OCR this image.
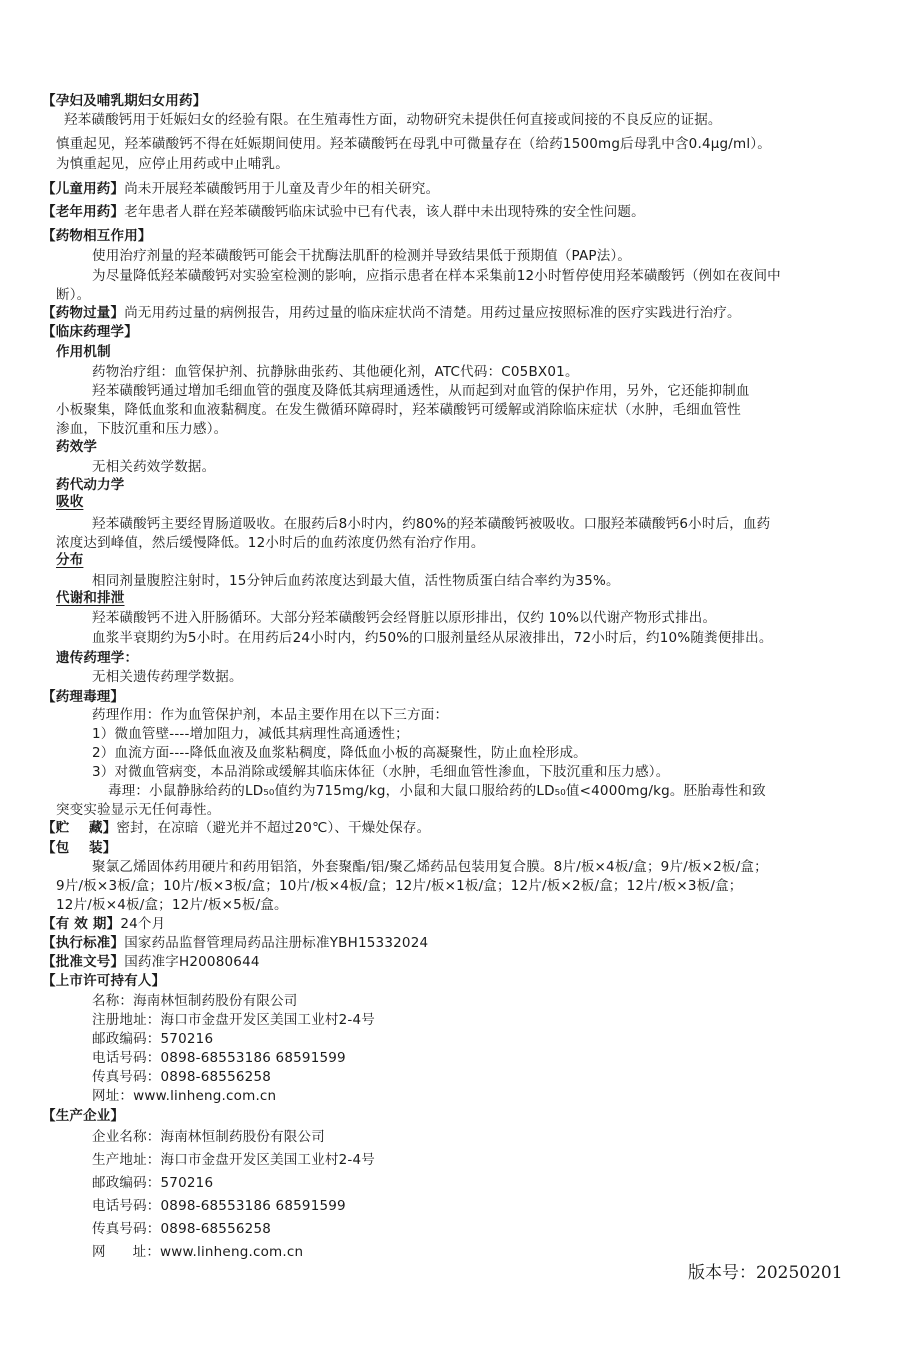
【孕妇及哺乳期妇女用药】
羟苯磺酸钙用于妊娠妇女的经验有限。在生殖毒性方面，动物研究未提供任何直接或间接的不良反应的证据。
慎重起见，羟苯磺酸钙不得在妊娠期间使用。羟苯磺酸钙在母乳中可微量存在（给药1500mg后母乳中含0.4μg/ml）。
为慎重起见，应停止用药或中止哺乳。
【儿童用药】尚未开展羟苯磺酸钙用于儿童及青少年的相关研究。
【老年用药】老年患者人群在羟苯磺酸钙临床试验中已有代表，该人群中未出现特殊的安全性问题。
【药物相互作用】
使用治疗剂量的羟苯磺酸钙可能会干扰酶法肌酐的检测并导致结果低于预期值（PAP法）。
为尽量降低羟苯磺酸钙对实验室检测的影响，应指示患者在样本采集前12小时暂停使用羟苯磺酸钙（例如在夜间中
断）。
【药物过量】尚无用药过量的病例报告，用药过量的临床症状尚不清楚。用药过量应按照标准的医疗实践进行治疗。
【临床药理学】
作用机制
药物治疗组：血管保护剂、抗静脉曲张药、其他硬化剂，ATC代码：C05BX01。
羟苯磺酸钙通过增加毛细血管的强度及降低其病理通透性，从而起到对血管的保护作用，另外，它还能抑制血
小板聚集，降低血浆和血液黏稠度。在发生微循环障碍时，羟苯磺酸钙可缓解或消除临床症状（水肿，毛细血管性
渗血，下肢沉重和压力感）。
药效学
无相关药效学数据。
药代动力学
吸收
羟苯磺酸钙主要经胃肠道吸收。在服药后8小时内，约80%的羟苯磺酸钙被吸收。口服羟苯磺酸钙6小时后，血药
浓度达到峰值，然后缓慢降低。12小时后的血药浓度仍然有治疗作用。
分布
相同剂量腹腔注射时，15分钟后血药浓度达到最大值，活性物质蛋白结合率约为35%。
代谢和排泄
羟苯磺酸钙不进入肝肠循环。大部分羟苯磺酸钙会经肾脏以原形排出，仅约 10%以代谢产物形式排出。
血浆半衰期约为5小时。在用药后24小时内，约50%的口服剂量经从尿液排出，72小时后，约10%随粪便排出。
遗传药理学：
无相关遗传药理学数据。
【药理毒理】
药理作用：作为血管保护剂，本品主要作用在以下三方面：
1）微血管壁----增加阻力，减低其病理性高通透性；
2）血流方面----降低血液及血浆粘稠度，降低血小板的高凝聚性，防止血栓形成。
3）对微血管病变，本品消除或缓解其临床体征（水肿，毛细血管性渗血，下肢沉重和压力感）。
毒理：小鼠静脉给药的LD₅₀值约为715mg/kg，小鼠和大鼠口服给药的LD₅₀值<4000mg/kg。胚胎毒性和致
突变实验显示无任何毒性。
【贮    藏】密封，在凉暗（避光并不超过20℃）、干燥处保存。
【包    装】
聚氯乙烯固体药用硬片和药用铝箔，外套聚酯/铝/聚乙烯药品包装用复合膜。8片/板×4板/盒；9片/板×2板/盒；
9片/板×3板/盒；10片/板×3板/盒；10片/板×4板/盒；12片/板×1板/盒；12片/板×2板/盒；12片/板×3板/盒；
12片/板×4板/盒；12片/板×5板/盒。
【有 效 期】24个月
【执行标准】国家药品监督管理局药品注册标准YBH15332024
【批准文号】国药准字H20080644
【上市许可持有人】
名称：海南林恒制药股份有限公司
注册地址：海口市金盘开发区美国工业村2-4号
邮政编码：570216
电话号码：0898-68553186 68591599
传真号码：0898-68556258
网址：www.linheng.com.cn
【生产企业】
企业名称：海南林恒制药股份有限公司
生产地址：海口市金盘开发区美国工业村2-4号
邮政编码：570216
电话号码：0898-68553186 68591599
传真号码：0898-68556258
网      址：www.linheng.com.cn
版本号：20250201
